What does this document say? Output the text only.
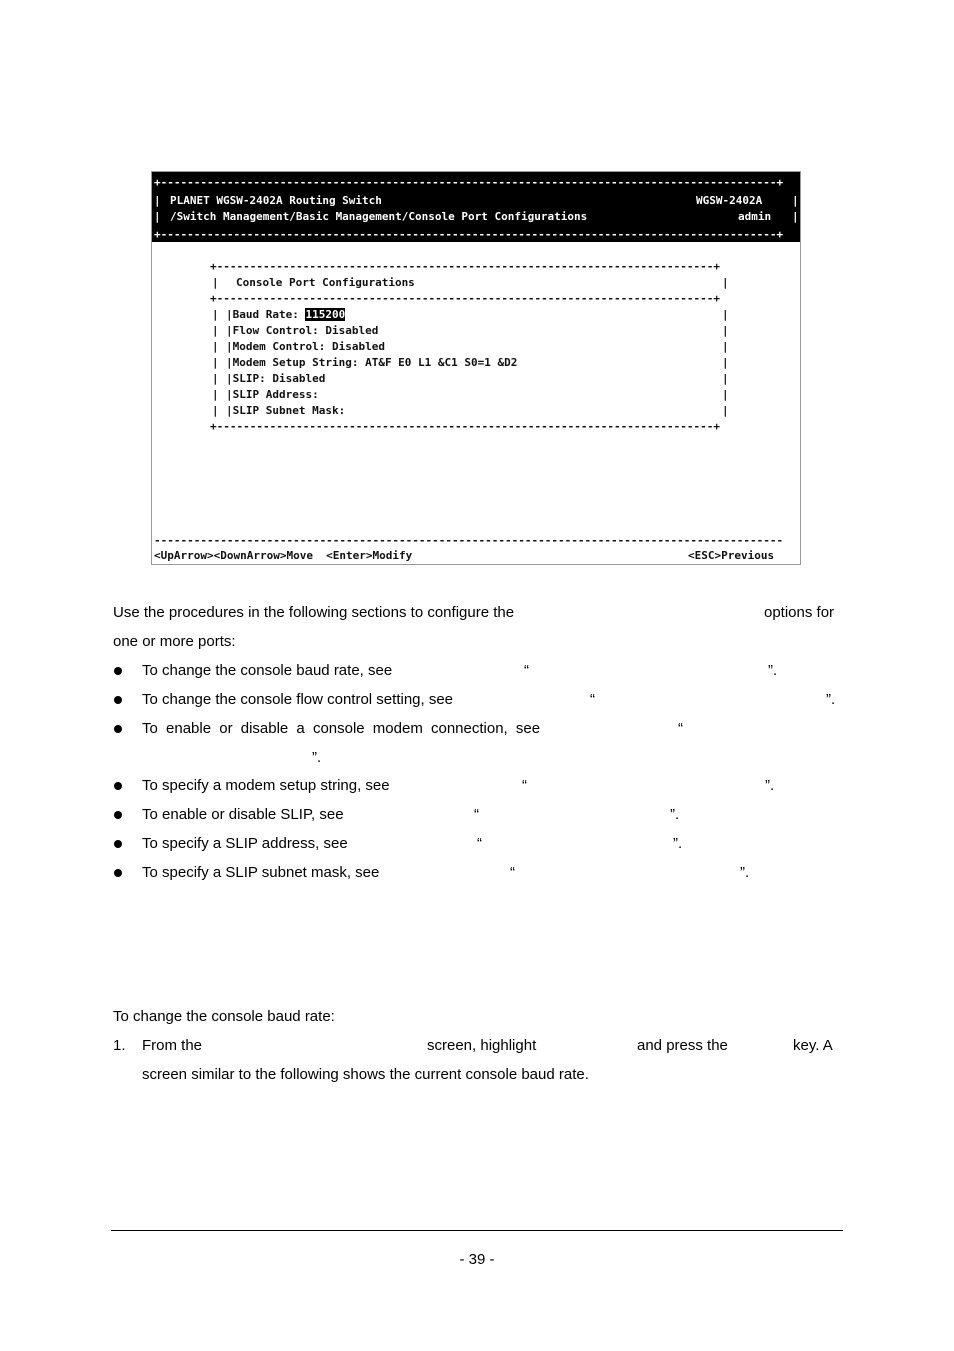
+---------------------------------------------------------------------------------------------+
| PLANET WGSW-2402A Routing Switch	WGSW-2402A	|
| /Switch Management/Basic Management/Console Port Configurations	admin |
+---------------------------------------------------------------------------------------------+
+---------------------------------------------------------------------------+
| Console Port Configurations	|
+---------------------------------------------------------------------------+
| |Baud Rate: 115200	|
| |Flow Control: Disabled	|
| |Modem Control: Disabled	|
| |Modem Setup String: AT&F E0 L1 &C1 S0=1 &D2	|
| |SLIP: Disabled	|
| |SLIP Address:	|
| |SLIP Subnet Mask:	|
+---------------------------------------------------------------------------+
-----------------------------------------------------------------------------------------------
<UpArrow><DownArrow>Move  <Enter>Modify	<ESC>Previous
Use the procedures in the following sections to configure the	options for
one or more ports:
To change the console baud rate, see	“	”.
To change the console flow control setting, see	“	”.
To enable or disable a console modem connection, see	“
”.
To specify a modem setup string, see	“	”.
To enable or disable SLIP, see	“	”.
To specify a SLIP address, see	“	”.
To specify a SLIP subnet mask, see	“	”.
To change the console baud rate:
1. From the	screen, highlight	and press the	key. A
screen similar to the following shows the current console baud rate.
- 39 -
